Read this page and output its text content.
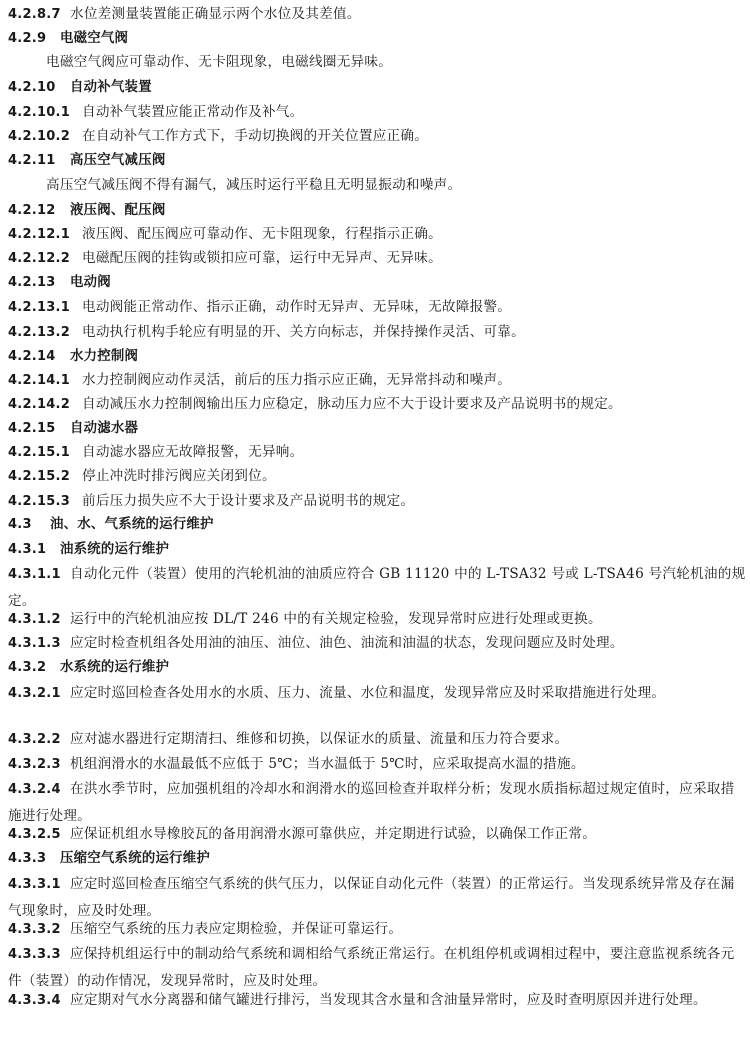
4.2.8.7 水位差测量装置能正确显示两个水位及其差值。
4.2.9 电磁空气阀
电磁空气阀应可靠动作、无卡阻现象，电磁线圈无异味。
4.2.10 自动补气装置
4.2.10.1 自动补气装置应能正常动作及补气。
4.2.10.2 在自动补气工作方式下，手动切换阀的开关位置应正确。
4.2.11 高压空气减压阀
高压空气减压阀不得有漏气，减压时运行平稳且无明显振动和噪声。
4.2.12 液压阀、配压阀
4.2.12.1 液压阀、配压阀应可靠动作、无卡阻现象，行程指示正确。
4.2.12.2 电磁配压阀的挂钩或锁扣应可靠，运行中无异声、无异味。
4.2.13 电动阀
4.2.13.1 电动阀能正常动作、指示正确，动作时无异声、无异味，无故障报警。
4.2.13.2 电动执行机构手轮应有明显的开、关方向标志，并保持操作灵活、可靠。
4.2.14 水力控制阀
4.2.14.1 水力控制阀应动作灵活，前后的压力指示应正确，无异常抖动和噪声。
4.2.14.2 自动减压水力控制阀输出压力应稳定，脉动压力应不大于设计要求及产品说明书的规定。
4.2.15 自动滤水器
4.2.15.1 自动滤水器应无故障报警，无异响。
4.2.15.2 停止冲洗时排污阀应关闭到位。
4.2.15.3 前后压力损失应不大于设计要求及产品说明书的规定。
4.3 油、水、气系统的运行维护
4.3.1 油系统的运行维护
4.3.1.1 自动化元件（装置）使用的汽轮机油的油质应符合 GB 11120 中的 L-TSA32 号或 L-TSA46 号汽轮机油的规定。
4.3.1.2 运行中的汽轮机油应按 DL/T 246 中的有关规定检验，发现异常时应进行处理或更换。
4.3.1.3 应定时检查机组各处用油的油压、油位、油色、油流和油温的状态，发现问题应及时处理。
4.3.2 水系统的运行维护
4.3.2.1 应定时巡回检查各处用水的水质、压力、流量、水位和温度，发现异常应及时采取措施进行处理。
4.3.2.2 应对滤水器进行定期清扫、维修和切换，以保证水的质量、流量和压力符合要求。
4.3.2.3 机组润滑水的水温最低不应低于 5℃；当水温低于 5℃时，应采取提高水温的措施。
4.3.2.4 在洪水季节时，应加强机组的冷却水和润滑水的巡回检查并取样分析；发现水质指标超过规定值时，应采取措施进行处理。
4.3.2.5 应保证机组水导橡胶瓦的备用润滑水源可靠供应，并定期进行试验，以确保工作正常。
4.3.3 压缩空气系统的运行维护
4.3.3.1 应定时巡回检查压缩空气系统的供气压力，以保证自动化元件（装置）的正常运行。当发现系统异常及存在漏气现象时，应及时处理。
4.3.3.2 压缩空气系统的压力表应定期检验，并保证可靠运行。
4.3.3.3 应保持机组运行中的制动给气系统和调相给气系统正常运行。在机组停机或调相过程中，要注意监视系统各元件（装置）的动作情况，发现异常时，应及时处理。
4.3.3.4 应定期对气水分离器和储气罐进行排污，当发现其含水量和含油量异常时，应及时查明原因并进行处理。
